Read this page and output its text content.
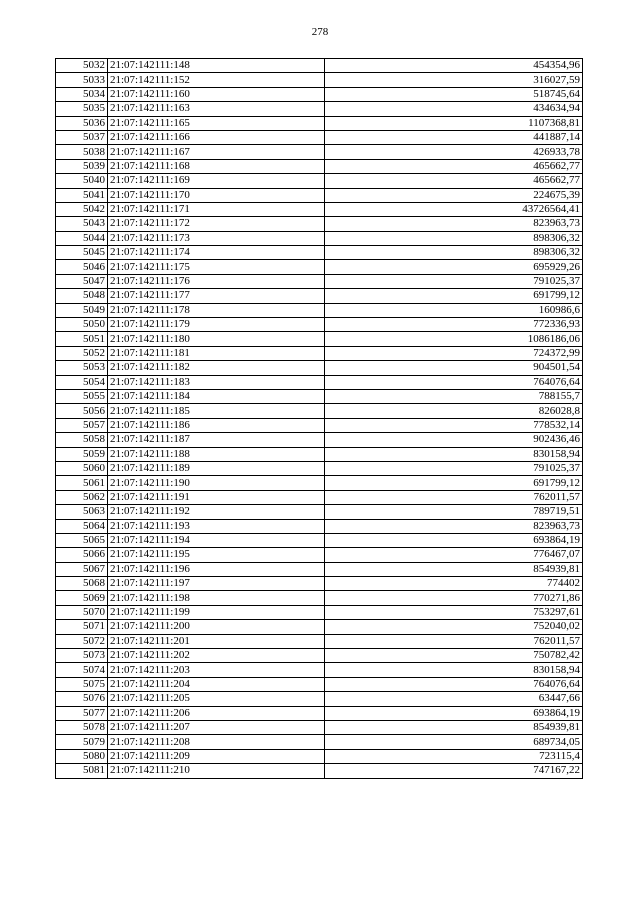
278
5032	21:07:142111:148	454354,96
5033	21:07:142111:152	316027,59
5034	21:07:142111:160	518745,64
5035	21:07:142111:163	434634,94
5036	21:07:142111:165	1107368,81
5037	21:07:142111:166	441887,14
5038	21:07:142111:167	426933,78
5039	21:07:142111:168	465662,77
5040	21:07:142111:169	465662,77
5041	21:07:142111:170	224675,39
5042	21:07:142111:171	43726564,41
5043	21:07:142111:172	823963,73
5044	21:07:142111:173	898306,32
5045	21:07:142111:174	898306,32
5046	21:07:142111:175	695929,26
5047	21:07:142111:176	791025,37
5048	21:07:142111:177	691799,12
5049	21:07:142111:178	160986,6
5050	21:07:142111:179	772336,93
5051	21:07:142111:180	1086186,06
5052	21:07:142111:181	724372,99
5053	21:07:142111:182	904501,54
5054	21:07:142111:183	764076,64
5055	21:07:142111:184	788155,7
5056	21:07:142111:185	826028,8
5057	21:07:142111:186	778532,14
5058	21:07:142111:187	902436,46
5059	21:07:142111:188	830158,94
5060	21:07:142111:189	791025,37
5061	21:07:142111:190	691799,12
5062	21:07:142111:191	762011,57
5063	21:07:142111:192	789719,51
5064	21:07:142111:193	823963,73
5065	21:07:142111:194	693864,19
5066	21:07:142111:195	776467,07
5067	21:07:142111:196	854939,81
5068	21:07:142111:197	774402
5069	21:07:142111:198	770271,86
5070	21:07:142111:199	753297,61
5071	21:07:142111:200	752040,02
5072	21:07:142111:201	762011,57
5073	21:07:142111:202	750782,42
5074	21:07:142111:203	830158,94
5075	21:07:142111:204	764076,64
5076	21:07:142111:205	63447,66
5077	21:07:142111:206	693864,19
5078	21:07:142111:207	854939,81
5079	21:07:142111:208	689734,05
5080	21:07:142111:209	723115,4
5081	21:07:142111:210	747167,22
